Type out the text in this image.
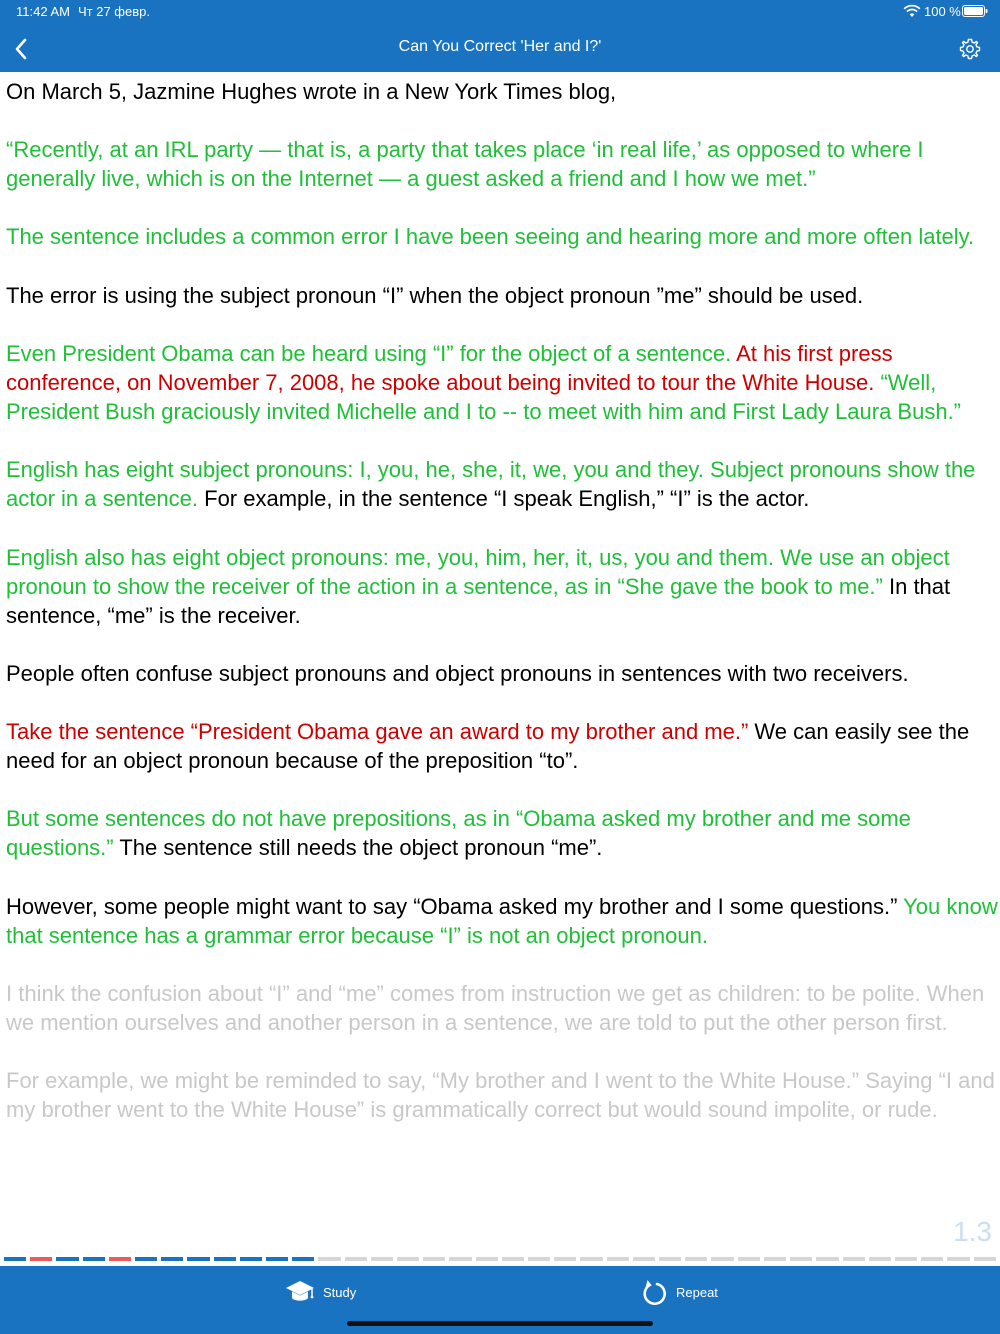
11:42 AM Чт 27 февр.	100 %
Can You Correct 'Her and I?'

On March 5, Jazmine Hughes wrote in a New York Times blog,

“Recently, at an IRL party — that is, a party that takes place ‘in real life,’ as opposed to where I generally live, which is on the Internet — a guest asked a friend and I how we met.”

The sentence includes a common error I have been seeing and hearing more and more often lately.

The error is using the subject pronoun “I” when the object pronoun ”me” should be used.

Even President Obama can be heard using “I” for the object of a sentence. At his first press conference, on November 7, 2008, he spoke about being invited to tour the White House. “Well, President Bush graciously invited Michelle and I to -- to meet with him and First Lady Laura Bush.”

English has eight subject pronouns: I, you, he, she, it, we, you and they. Subject pronouns show the actor in a sentence. For example, in the sentence “I speak English,” “I” is the actor.

English also has eight object pronouns: me, you, him, her, it, us, you and them. We use an object pronoun to show the receiver of the action in a sentence, as in “She gave the book to me.” In that sentence, “me” is the receiver.

People often confuse subject pronouns and object pronouns in sentences with two receivers.

Take the sentence “President Obama gave an award to my brother and me.” We can easily see the need for an object pronoun because of the preposition “to”.

But some sentences do not have prepositions, as in “Obama asked my brother and me some questions.” The sentence still needs the object pronoun “me”.

However, some people might want to say “Obama asked my brother and I some questions.” You know that sentence has a grammar error because “I” is not an object pronoun.

I think the confusion about “I” and “me” comes from instruction we get as children: to be polite. When we mention ourselves and another person in a sentence, we are told to put the other person first.

For example, we might be reminded to say, “My brother and I went to the White House.” Saying “I and my brother went to the White House” is grammatically correct but would sound impolite, or rude.

1.3
Study	Repeat
